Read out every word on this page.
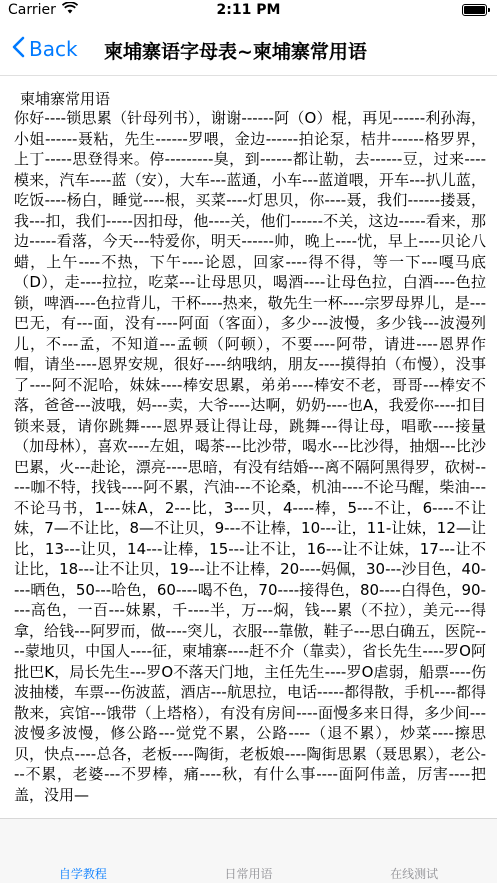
Carrier	2:11 PM
Back 柬埔寨语字母表~柬埔寨常用语
柬埔寨常用语
你好----锁思累（针母列书），谢谢------阿（O）棍，再见------利孙海，小姐------聂粘，先生------罗喂，金边------拍论泵，桔井------格罗界，上丁-----思登得来。停---------臭，到------都让勒，去------豆，过来----模来，汽车----蓝（安），大车---蓝通，小车---蓝道喂，开车---扒儿蓝，吃饭----杨白，睡觉----根，买菜----灯思贝，你----聂，我们------搂聂，我---扣，我们-----因扣母，他----关，他们------不关，这边-----看来，那边-----看落，今天---特爱你，明天------帅，晚上----忧，早上----贝论八蜡，上午----不热，下午----论恩，回家----得不得，等一下---嘎马底（D），走----拉拉，吃菜---让母思贝，喝酒----让母色拉，白酒----色拉锁，啤酒----色拉背儿，干杯----热来，敬先生一杯----宗罗母界儿，是---巴无，有---面，没有----阿面（客面），多少---波慢，多少钱---波漫列儿，不---孟，不知道---孟顿（阿顿），不要----阿带，请进----恩界作帽，请坐----恩界安规，很好----纳哦纳，朋友----摸得拍（布慢），没事了----阿不泥哈，妹妹----棒安思累，弟弟----棒安不老，哥哥---棒安不落，爸爸---波哦，妈---卖，大爷----达啊，奶奶----也A，我爱你----扣目锁来聂，请你跳舞----恩界聂让得让母，跳舞---得让母，唱歌----接量（加母林），喜欢----左姐，喝茶---比沙带，喝水---比沙得，抽烟---比沙巴累，火---赴论，漂亮----思暗，有没有结婚---离不隔阿黑得罗，砍树-----咖不特，找钱----阿不累，汽油---不论桑，机油----不论马醒，柴油---不论马书，1---妹A，2---比，3---贝，4----棒，5---不让，6----不让妹，7—不让比，8—不让贝，9---不让棒，10---让，11-让妹，12—让比，13---让贝，14---让棒，15---让不让，16---让不让妹，17---让不让比，18---让不让贝，19---让不让棒，20----妈佩，30---沙目色，40----晒色，50---哈色，60----喝不色，70----接得色，80----白得色，90----高色，一百---妹累，千----半，万---焖，钱---累（不拉），美元---得拿，给钱---阿罗而，做----突儿，衣服---靠傲，鞋子---思白确五，医院----蒙地贝，中国人----征，柬埔寨----赶不介（靠卖），省长先生----罗O阿批巴K，局长先生---罗O不落天门地，主任先生----罗O虐弱，船票----伤波抽楼，车票---伤波蓝，酒店---航思拉，电话-----都得散，手机----都得散来，宾馆---饿带（上塔格），有没有房间----面慢多来日得，多少间---波慢多波慢，修公路---觉党不累，公路----（退不累），炒菜----擦思贝，快点----总各，老板----陶街，老板娘----陶街思累（聂思累），老公---不累，老婆---不罗棒，痛----秋，有什么事----面阿伟盖，厉害----把盖，没用—
自学教程	日常用语	在线测试
